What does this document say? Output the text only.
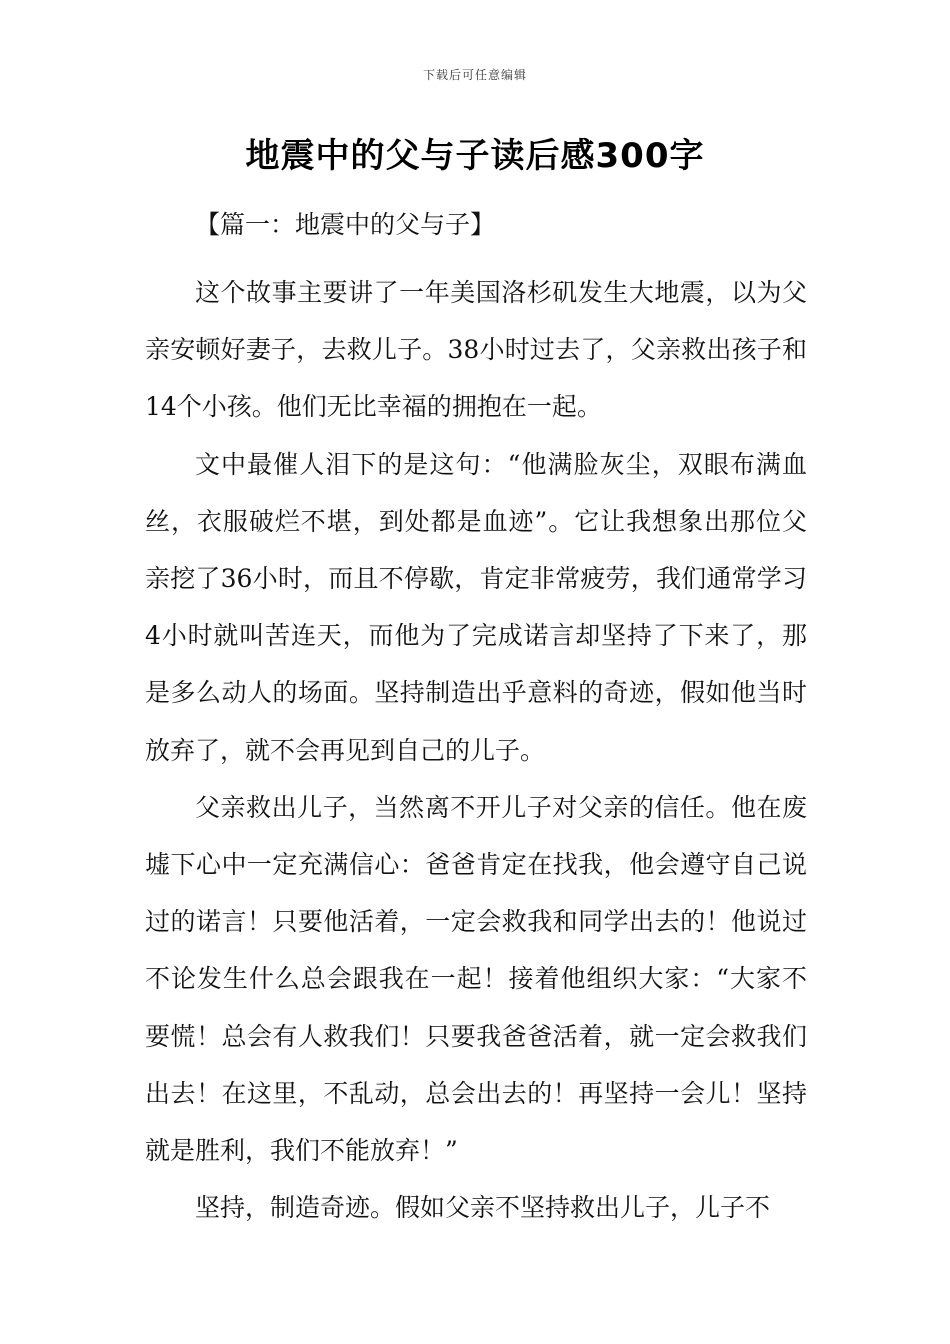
下载后可任意编辑
地震中的父与子读后感300字
【篇一：地震中的父与子】

这个故事主要讲了一年美国洛杉矶发生大地震，以为父亲安顿好妻子，去救儿子。38小时过去了，父亲救出孩子和14个小孩。他们无比幸福的拥抱在一起。

文中最催人泪下的是这句：“他满脸灰尘，双眼布满血丝，衣服破烂不堪，到处都是血迹”。它让我想象出那位父亲挖了36小时，而且不停歇，肯定非常疲劳，我们通常学习4小时就叫苦连天，而他为了完成诺言却坚持了下来了，那是多么动人的场面。坚持制造出乎意料的奇迹，假如他当时放弃了，就不会再见到自己的儿子。

父亲救出儿子，当然离不开儿子对父亲的信任。他在废墟下心中一定充满信心：爸爸肯定在找我，他会遵守自己说过的诺言！只要他活着，一定会救我和同学出去的！他说过不论发生什么总会跟我在一起！接着他组织大家：“大家不要慌！总会有人救我们！只要我爸爸活着，就一定会救我们出去！在这里，不乱动，总会出去的！再坚持一会儿！坚持就是胜利，我们不能放弃！”

坚持，制造奇迹。假如父亲不坚持救出儿子，儿子不
